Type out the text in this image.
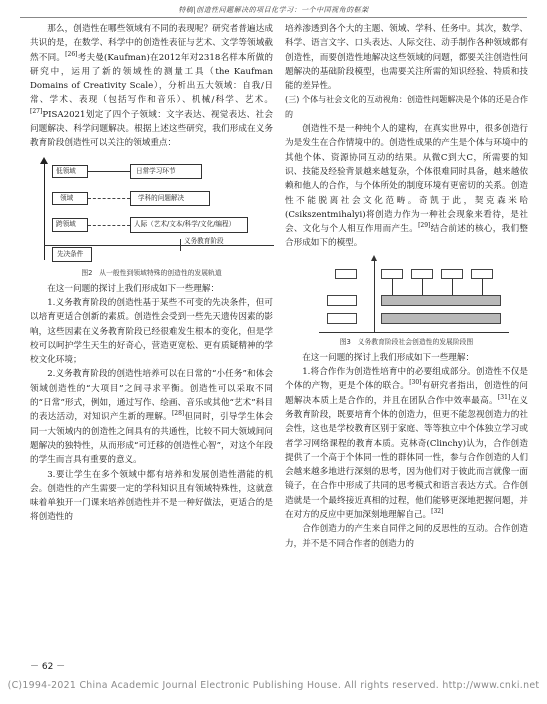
特稿|创造性问题解决的项目化学习：一个中国视角的框架

那么，创造性在哪些领域有不同的表现呢？研究者普遍达成共识的是，在数学、科学中的创造性表征与艺术、文学等领域截然不同。[26]考夫曼(Kaufman)在2012年对2318名样本所做的研究中，运用了新的领域性的测量工具（the Kaufman Domains of Creativity Scale），分析出五大领域：自我/日常、学术、表现（包括写作和音乐）、机械/科学、艺术。[27]PISA2021划定了四个子领域：文字表达、视觉表达、社会问题解决、科学问题解决。根据上述这些研究，我们形成在义务教育阶段创造性可以关注的领域重点：

低领域	日常学习环节
领域	学科的问题解决
跨领域	人际（艺术/文本/科学/文化/编程）
义务教育阶段
先决条件
图2　从一般性到领域特殊的创造性的发展轨道

在这一问题的探讨上我们形成如下一些理解：

1.义务教育阶段的创造性基于某些不可变的先决条件，但可以培育更适合创新的素质。创造性会受到一些先天遗传因素的影响，这些因素在义务教育阶段已经很难发生根本的变化，但是学校可以呵护学生天生的好奇心，营造更宽松、更有质疑精神的学校文化环境；

2.义务教育阶段的创造性培养可以在日常的“小任务”和体会领域创造性的“大项目”之间寻求平衡。创造性可以采取不同的“日常”形式，例如，通过写作、绘画、音乐或其他“艺术”科目的表达活动，对知识产生新的理解。[28]但同时，引导学生体会同一大领域内的创造性之间具有的共通性，比较不同大领域间问题解决的独特性，从而形成“可迁移的创造性心智”，对这个年段的学生而言具有重要的意义。

3.要让学生在多个领域中都有培养和发展创造性潜能的机会。创造性的产生需要一定的学科知识且有领域特殊性，这就意味着单独开一门课来培养创造性并不是一种好做法，更适合的是将创造性的

培养渗透到各个大的主题、领域、学科、任务中。其次，数学、科学、语言文字、口头表达、人际交往、动手制作各种领域都有创造性，而要创造性地解决这些领域的问题，都要关注创造性问题解决的基础阶段模型，也需要关注所需的知识经验、特质和技能的差异性。

(三) 个体与社会文化的互动视角：创造性问题解决是个体的还是合作的

创造性不是一种纯个人的建构，在真实世界中，很多创造行为是发生在合作情境中的。创造性成果的产生是个体与环境中的其他个体、资源协同互动的结果。从微C到大C，所需要的知识、技能及经验背景越来越复杂，个体很难同时具备，越来越依赖和他人的合作，与个体所处的制度环境有更密切的关系。创造性不能脱离社会文化范畴。奇凯于此，契克森米哈(Csikszentmihalyi)将创造力作为一种社会现象来看待，是社会、文化与个人相互作用而产生。[29]结合前述的核心，我们整合形成如下的模型。

图3　义务教育阶段社会创造性的发展阶段图

在这一问题的探讨上我们形成如下一些理解：

1.将合作作为创造性培育中的必要组成部分。创造性不仅是个体的产物，更是个体的联合。[30]有研究者指出，创造性的问题解决本质上是合作的，并且在团队合作中效率最高。[31]在义务教育阶段，既要培育个体的创造力，但更不能忽视创造力的社会性，这也是学校教育区别于家庭、等等独立中个体独立学习或者学习网络课程的教育本质。克林奇(Clinchy)认为，合作创造提供了一个高于个体同一性的群体同一性，参与合作创造的人们会越来越多地进行深刻的思考，因为他们对于彼此而言就像一面镜子，在合作中形成了共同的思考模式和语言表达方式。合作创造就是一个最终接近真相的过程，他们能够更深地把握问题，并在对方的反应中更加深刻地理解自己。[32]

合作创造力的产生来自同伴之间的反思性的互动。合作创造力，并不是不同合作者的创造力的

－ 62 －
(C)1994-2021 China Academic Journal Electronic Publishing House. All rights reserved. http://www.cnki.net
